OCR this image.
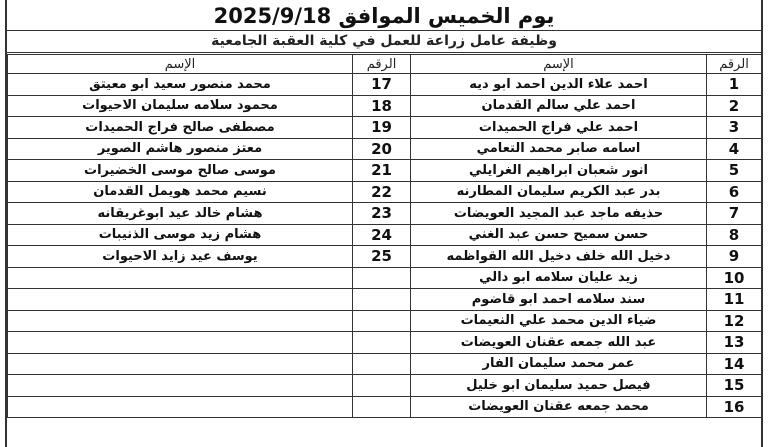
يوم الخميس الموافق 2025/9/18
وظيفة عامل زراعة للعمل في كلية العقبة الجامعية
الإسم	الرقم	الإسم	الرقم
محمد منصور سعيد ابو معيتق	17	احمد علاء الدين احمد ابو ديه	1
محمود سلامه سليمان الاحيوات	18	احمد علي سالم القدمان	2
مصطفى صالح فراج الحميدات	19	احمد علي فراج الحميدات	3
معتز منصور هاشم الصوير	20	اسامه صابر محمد التعامي	4
موسى صالح موسى الخضيرات	21	انور شعبان ابراهيم الغرايلي	5
نسيم محمد هويمل القدمان	22	بدر عبد الكريم سليمان المطارنه	6
هشام خالد عيد ابوغريقانه	23	حذيفه ماجد عبد المجيد العويضات	7
هشام زيد موسى الذنيبات	24	حسن سميح حسن عبد الغني	8
يوسف عيد زايد الاحيوات	25	دخيل الله خلف دخيل الله القواظمه	9
		زيد عليان سلامه ابو دالي	10
		سند سلامه احمد ابو قاضوم	11
		ضياء الدين محمد علي النعيمات	12
		عبد الله جمعه عقنان العويضات	13
		عمر محمد سليمان الفار	14
		فيصل حميد سليمان ابو خليل	15
		محمد جمعه عقنان العويضات	16
